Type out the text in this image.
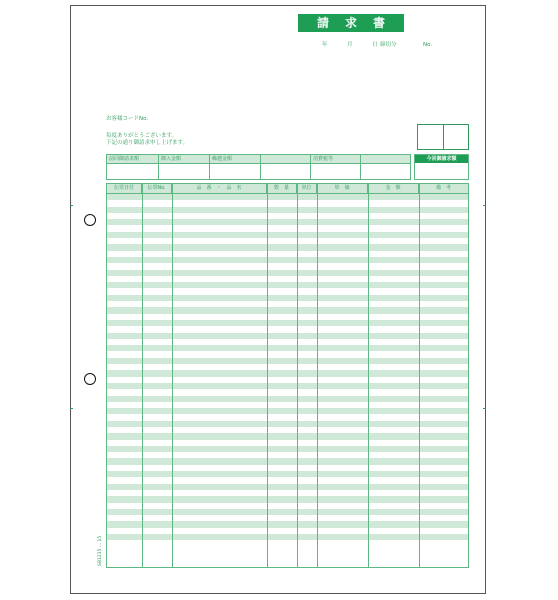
請求書
年	月	日 締切分	No.
お客様コードNo.
毎度ありがとうございます。
下記の通り御請求申し上げます。
前回御請求額	御入金額	繰越金額	消費税等	今回御請求額
伝票日付	伝票No.	品　番　・　品　名	数　量	単位	単　価	金　額	備　考
SB1235 ... 15
